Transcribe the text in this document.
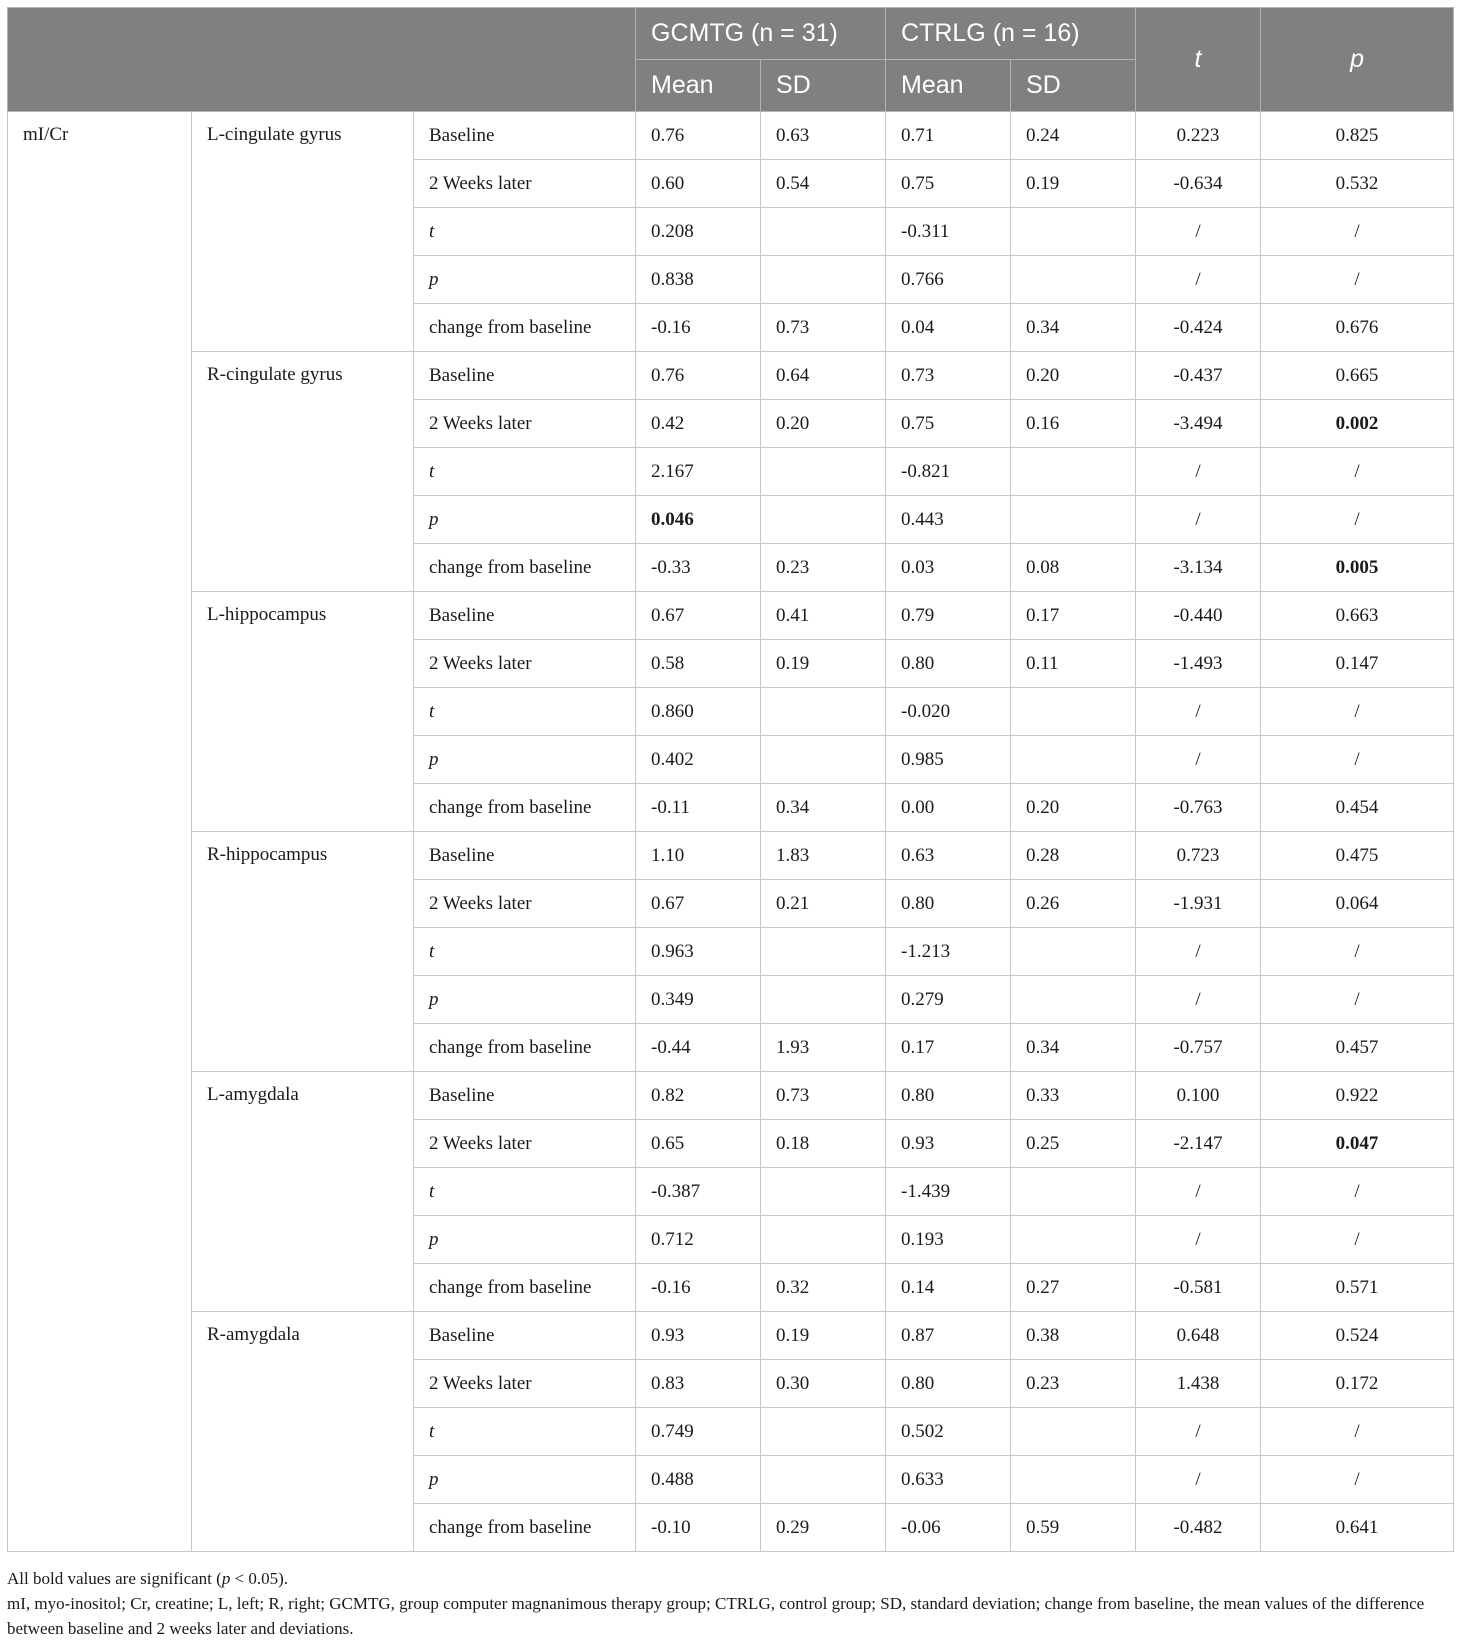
			GCMTG (n = 31)		CTRLG (n = 16)		t	p
			Mean	SD	Mean	SD		
mI/Cr	L-cingulate gyrus	Baseline	0.76	0.63	0.71	0.24	0.223	0.825
		2 Weeks later	0.60	0.54	0.75	0.19	-0.634	0.532
		t	0.208		-0.311		/	/
		p	0.838		0.766		/	/
		change from baseline	-0.16	0.73	0.04	0.34	-0.424	0.676
	R-cingulate gyrus	Baseline	0.76	0.64	0.73	0.20	-0.437	0.665
		2 Weeks later	0.42	0.20	0.75	0.16	-3.494	0.002
		t	2.167		-0.821		/	/
		p	0.046		0.443		/	/
		change from baseline	-0.33	0.23	0.03	0.08	-3.134	0.005
	L-hippocampus	Baseline	0.67	0.41	0.79	0.17	-0.440	0.663
		2 Weeks later	0.58	0.19	0.80	0.11	-1.493	0.147
		t	0.860		-0.020		/	/
		p	0.402		0.985		/	/
		change from baseline	-0.11	0.34	0.00	0.20	-0.763	0.454
	R-hippocampus	Baseline	1.10	1.83	0.63	0.28	0.723	0.475
		2 Weeks later	0.67	0.21	0.80	0.26	-1.931	0.064
		t	0.963		-1.213		/	/
		p	0.349		0.279		/	/
		change from baseline	-0.44	1.93	0.17	0.34	-0.757	0.457
	L-amygdala	Baseline	0.82	0.73	0.80	0.33	0.100	0.922
		2 Weeks later	0.65	0.18	0.93	0.25	-2.147	0.047
		t	-0.387		-1.439		/	/
		p	0.712		0.193		/	/
		change from baseline	-0.16	0.32	0.14	0.27	-0.581	0.571
	R-amygdala	Baseline	0.93	0.19	0.87	0.38	0.648	0.524
		2 Weeks later	0.83	0.30	0.80	0.23	1.438	0.172
		t	0.749		0.502		/	/
		p	0.488		0.633		/	/
		change from baseline	-0.10	0.29	-0.06	0.59	-0.482	0.641

All bold values are significant (p < 0.05).

mI, myo-inositol; Cr, creatine; L, left; R, right; GCMTG, group computer magnanimous therapy group; CTRLG, control group; SD, standard deviation; change from baseline, the mean values of the difference between baseline and 2 weeks later and deviations.
